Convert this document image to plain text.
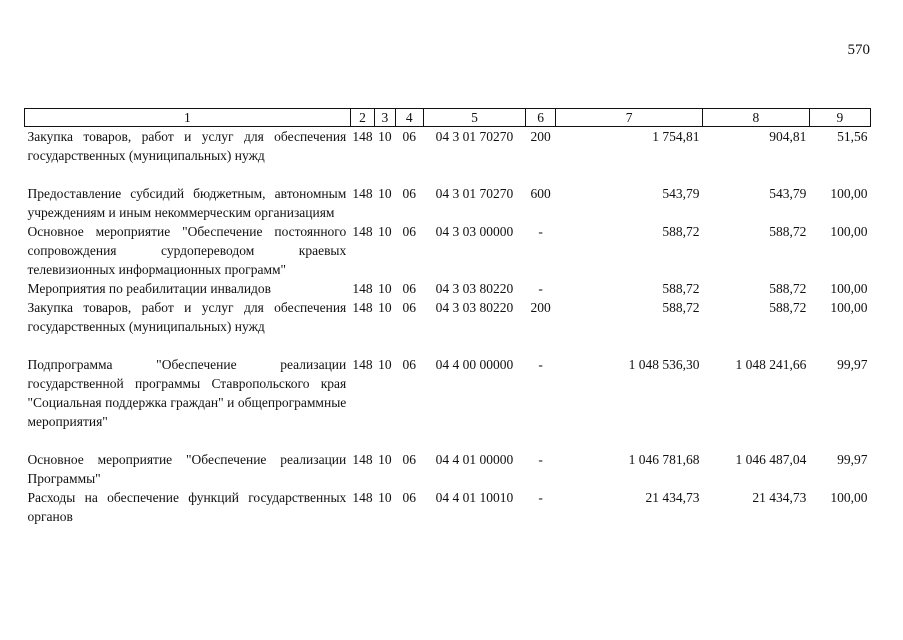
570
1	2	3	4	5	6	7	8	9
Закупка товаров, работ и услуг для обеспечения государственных (муниципальных) нужд	148	10	06	04 3 01 70270	200	1 754,81	904,81	51,56

Предоставление субсидий бюджетным, автономным учреждениям и иным некоммерческим организациям	148	10	06	04 3 01 70270	600	543,79	543,79	100,00
Основное мероприятие "Обеспечение постоянного сопровождения сурдопереводом краевых телевизионных информационных программ"	148	10	06	04 3 03 00000	-	588,72	588,72	100,00
Мероприятия по реабилитации инвалидов	148	10	06	04 3 03 80220	-	588,72	588,72	100,00
Закупка товаров, работ и услуг для обеспечения государственных (муниципальных) нужд	148	10	06	04 3 03 80220	200	588,72	588,72	100,00

Подпрограмма "Обеспечение реализации государственной программы Ставропольского края "Социальная поддержка граждан" и общепрограммные мероприятия"	148	10	06	04 4 00 00000	-	1 048 536,30	1 048 241,66	99,97

Основное мероприятие "Обеспечение реализации Программы"	148	10	06	04 4 01 00000	-	1 046 781,68	1 046 487,04	99,97
Расходы на обеспечение функций государственных органов	148	10	06	04 4 01 10010	-	21 434,73	21 434,73	100,00
